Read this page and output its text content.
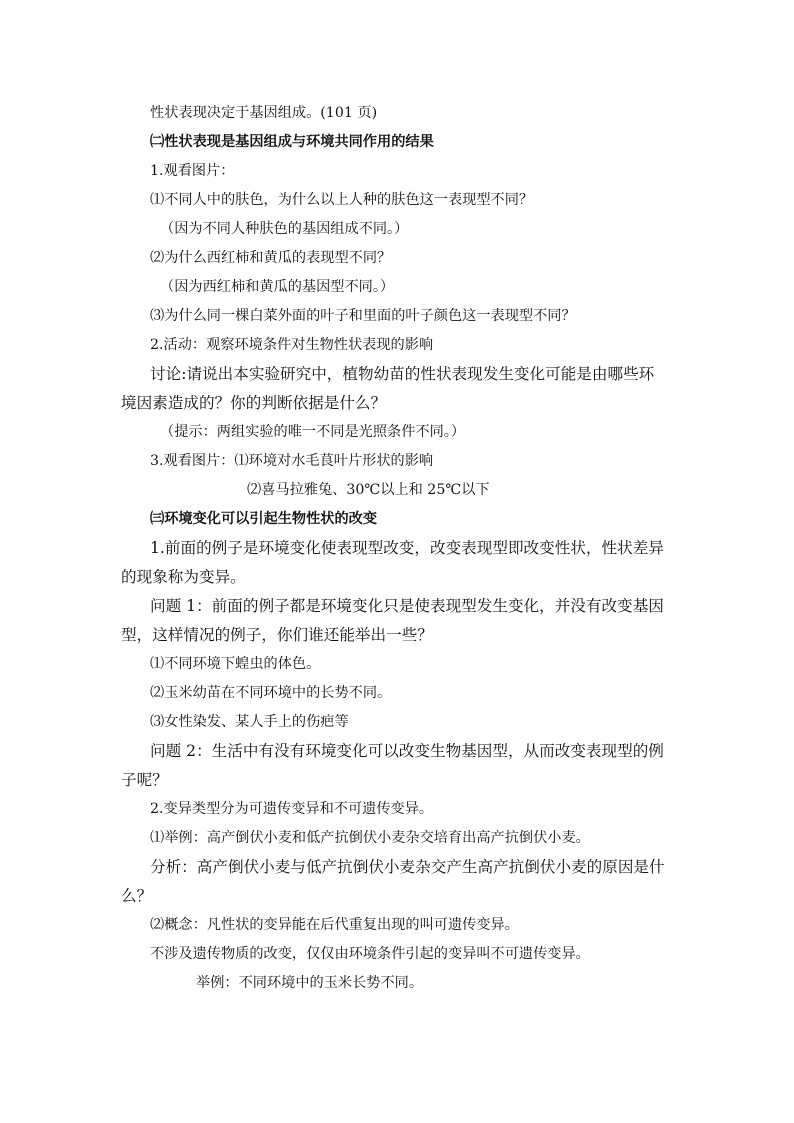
性状表现决定于基因组成。(101 页)
㈡性状表现是基因组成与环境共同作用的结果
1.观看图片：
⑴不同人中的肤色，为什么以上人种的肤色这一表现型不同？
（因为不同人种肤色的基因组成不同。）
⑵为什么西红柿和黄瓜的表现型不同？
（因为西红柿和黄瓜的基因型不同。）
⑶为什么同一棵白菜外面的叶子和里面的叶子颜色这一表现型不同？
2.活动：观察环境条件对生物性状表现的影响
讨论:请说出本实验研究中，植物幼苗的性状表现发生变化可能是由哪些环
境因素造成的？你的判断依据是什么？
（提示：两组实验的唯一不同是光照条件不同。）
3.观看图片：⑴环境对水毛茛叶片形状的影响
⑵喜马拉雅兔、30℃以上和 25℃以下
㈢环境变化可以引起生物性状的改变
1.前面的例子是环境变化使表现型改变，改变表现型即改变性状，性状差异
的现象称为变异。
问题 1：前面的例子都是环境变化只是使表现型发生变化，并没有改变基因
型，这样情况的例子，你们谁还能举出一些？
⑴不同环境下蝗虫的体色。
⑵玉米幼苗在不同环境中的长势不同。
⑶女性染发、某人手上的伤疤等
问题 2：生活中有没有环境变化可以改变生物基因型，从而改变表现型的例
子呢？
2.变异类型分为可遗传变异和不可遗传变异。
⑴举例：高产倒伏小麦和低产抗倒伏小麦杂交培育出高产抗倒伏小麦。
分析：高产倒伏小麦与低产抗倒伏小麦杂交产生高产抗倒伏小麦的原因是什
么？
⑵概念：凡性状的变异能在后代重复出现的叫可遗传变异。
不涉及遗传物质的改变，仅仅由环境条件引起的变异叫不可遗传变异。
举例：不同环境中的玉米长势不同。
